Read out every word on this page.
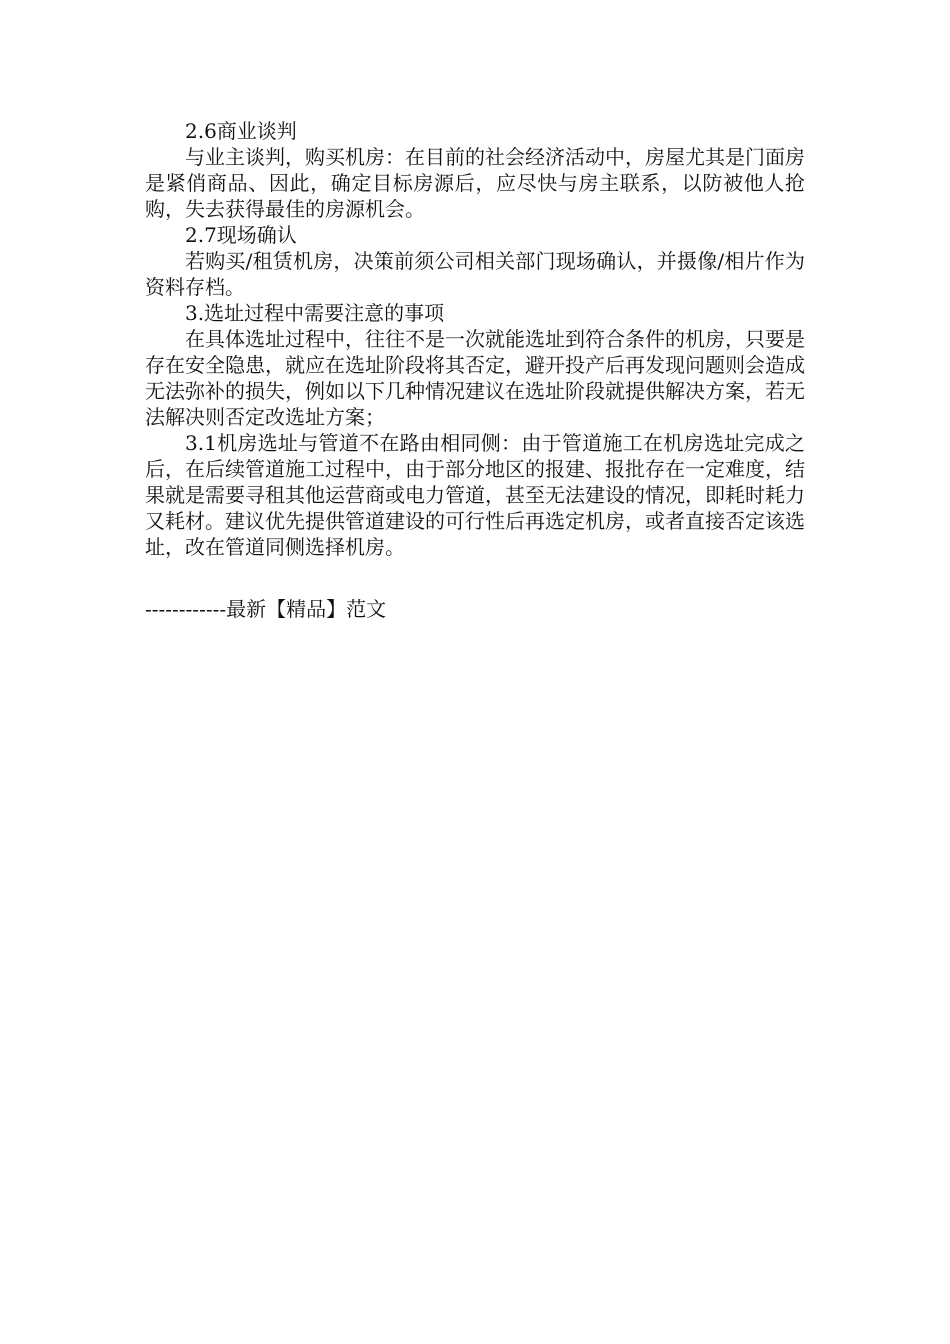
2.6商业谈判

与业主谈判，购买机房：在目前的社会经济活动中，房屋尤其是门面房是紧俏商品、因此，确定目标房源后，应尽快与房主联系，以防被他人抢购，失去获得最佳的房源机会。

2.7现场确认

若购买/租赁机房，决策前须公司相关部门现场确认，并摄像/相片作为资料存档。

3.选址过程中需要注意的事项

在具体选址过程中，往往不是一次就能选址到符合条件的机房，只要是存在安全隐患，就应在选址阶段将其否定，避开投产后再发现问题则会造成无法弥补的损失，例如以下几种情况建议在选址阶段就提供解决方案，若无法解决则否定改选址方案；

3.1机房选址与管道不在路由相同侧：由于管道施工在机房选址完成之后，在后续管道施工过程中，由于部分地区的报建、报批存在一定难度，结果就是需要寻租其他运营商或电力管道，甚至无法建设的情况，即耗时耗力又耗材。建议优先提供管道建设的可行性后再选定机房，或者直接否定该选址，改在管道同侧选择机房。

------------最新【精品】范文
